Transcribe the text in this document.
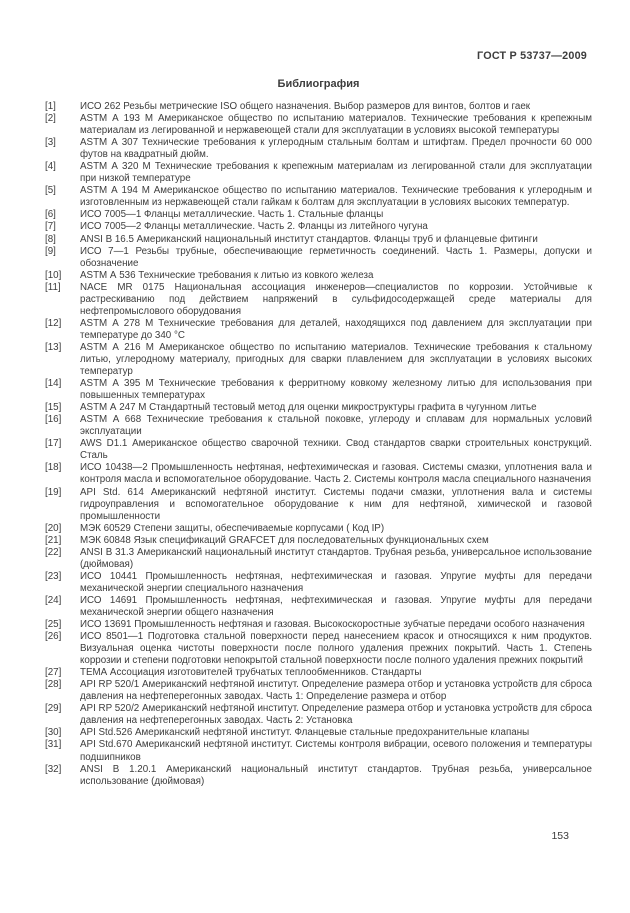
ГОСТ Р 53737—2009
Библиография
[1]	ИСО 262 Резьбы метрические ISO общего назначения. Выбор размеров для винтов, болтов и гаек
[2]	ASTM А 193 М Американское общество по испытанию материалов. Технические требования к крепежным материалам из легированной и нержавеющей стали для эксплуатации в условиях высокой температуры
[3]	ASTM А 307 Технические требования к углеродным стальным болтам и штифтам. Предел прочности 60 000 футов на квадратный дюйм.
[4]	ASTM А 320 М Технические требования к крепежным материалам из легированной стали для эксплуатации при низкой температуре
[5]	ASTM А 194 М Американское общество по испытанию материалов. Технические требования к углеродным и изготовленным из нержавеющей стали гайкам к болтам для эксплуатации в условиях высоких температур.
[6]	ИСО 7005—1 Фланцы металлические. Часть 1. Стальные фланцы
[7]	ИСО 7005—2 Фланцы металлические. Часть 2. Фланцы из литейного чугуна
[8]	ANSI В 16.5 Американский национальный институт стандартов. Фланцы труб и фланцевые фитинги
[9]	ИСО 7—1 Резьбы трубные, обеспечивающие герметичность соединений. Часть 1. Размеры, допуски и обозначение
[10]	ASTM А 536 Технические требования к литью из ковкого железа
[11]	NACE MR 0175 Национальная ассоциация инженеров—специалистов по коррозии. Устойчивые к растрескиванию под действием напряжений в сульфидосодержащей среде материалы для нефтепромыслового оборудования
[12]	ASTM А 278 М Технические требования для деталей, находящихся под давлением для эксплуатации при температуре до 340 °С
[13]	ASTM А 216 М Американское общество по испытанию материалов. Технические требования к стальному литью, углеродному материалу, пригодных для сварки плавлением для эксплуатации в условиях высоких температур
[14]	ASTM А 395 М Технические требования к ферритному ковкому железному литью для использования при повышенных температурах
[15]	ASTM А 247 М Стандартный тестовый метод для оценки микроструктуры графита в чугунном литье
[16]	ASTM А 668 Технические требования к стальной поковке, углероду и сплавам для нормальных условий эксплуатации
[17]	AWS D1.1 Американское общество сварочной техники. Свод стандартов сварки строительных конструкций. Сталь
[18]	ИСО 10438—2 Промышленность нефтяная, нефтехимическая и газовая. Системы смазки, уплотнения вала и контроля масла и вспомогательное оборудование. Часть 2. Системы контроля масла специального назначения
[19]	API Std. 614 Американский нефтяной институт. Системы подачи смазки, уплотнения вала и системы гидроуправления и вспомогательное оборудование к ним для нефтяной, химической и газовой промышленности
[20]	МЭК 60529 Степени защиты, обеспечиваемые корпусами ( Код IP)
[21]	МЭК 60848 Язык спецификаций GRAFCET для последовательных функциональных схем
[22]	ANSI В 31.3 Американский национальный институт стандартов. Трубная резьба, универсальное использование (дюймовая)
[23]	ИСО 10441 Промышленность нефтяная, нефтехимическая и газовая. Упругие муфты для передачи механической энергии специального назначения
[24]	ИСО 14691 Промышленность нефтяная, нефтехимическая и газовая. Упругие муфты для передачи механической энергии общего назначения
[25]	ИСО 13691 Промышленность нефтяная и газовая. Высокоскоростные зубчатые передачи особого назначения
[26]	ИСО 8501—1 Подготовка стальной поверхности перед нанесением красок и относящихся к ним продуктов. Визуальная оценка чистоты поверхности после полного удаления прежних покрытий. Часть 1. Степень коррозии и степени подготовки непокрытой стальной поверхности после полного удаления прежних покрытий
[27]	ТЕМА Ассоциация изготовителей трубчатых теплообменников. Стандарты
[28]	API RP 520/1 Американский нефтяной институт. Определение размера отбор и установка устройств для сброса давления на нефтеперегонных заводах. Часть 1: Определение размера и отбор
[29]	API RP 520/2 Американский нефтяной институт. Определение размера отбор и установка устройств для сброса давления на нефтеперегонных заводах. Часть 2: Установка
[30]	API Std.526 Американский нефтяной институт. Фланцевые стальные предохранительные клапаны
[31]	API Std.670 Американский нефтяной институт. Системы контроля вибрации, осевого положения и температуры подшипников
[32]	ANSI В 1.20.1 Американский национальный институт стандартов. Трубная резьба, универсальное использование (дюймовая)
153
